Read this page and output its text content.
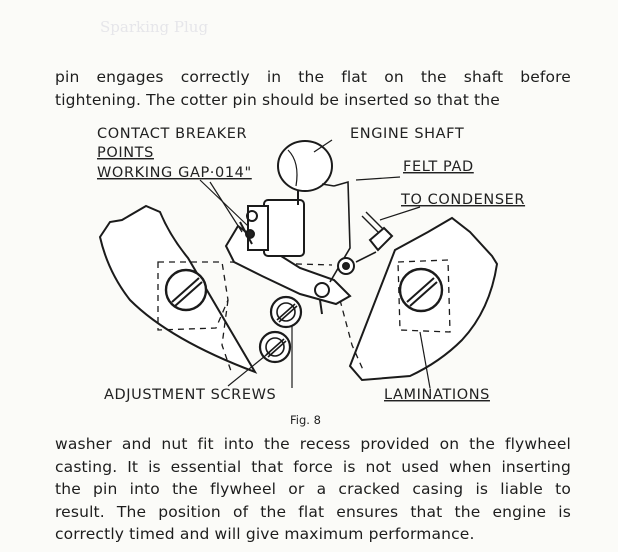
Sparking Plug
pin engages correctly in the flat on the shaft before
tightening. The cotter pin should be inserted so that the
CONTACT BREAKER
POINTS
WORKING GAP·014"
ENGINE SHAFT
FELT PAD
TO CONDENSER
ADJUSTMENT SCREWS	LAMINATIONS
Fig. 8
washer and nut fit into the recess provided on the flywheel
casting. It is essential that force is not used when inserting
the pin into the flywheel or a cracked casing is liable to
result. The position of the flat ensures that the engine is
correctly timed and will give maximum performance.
